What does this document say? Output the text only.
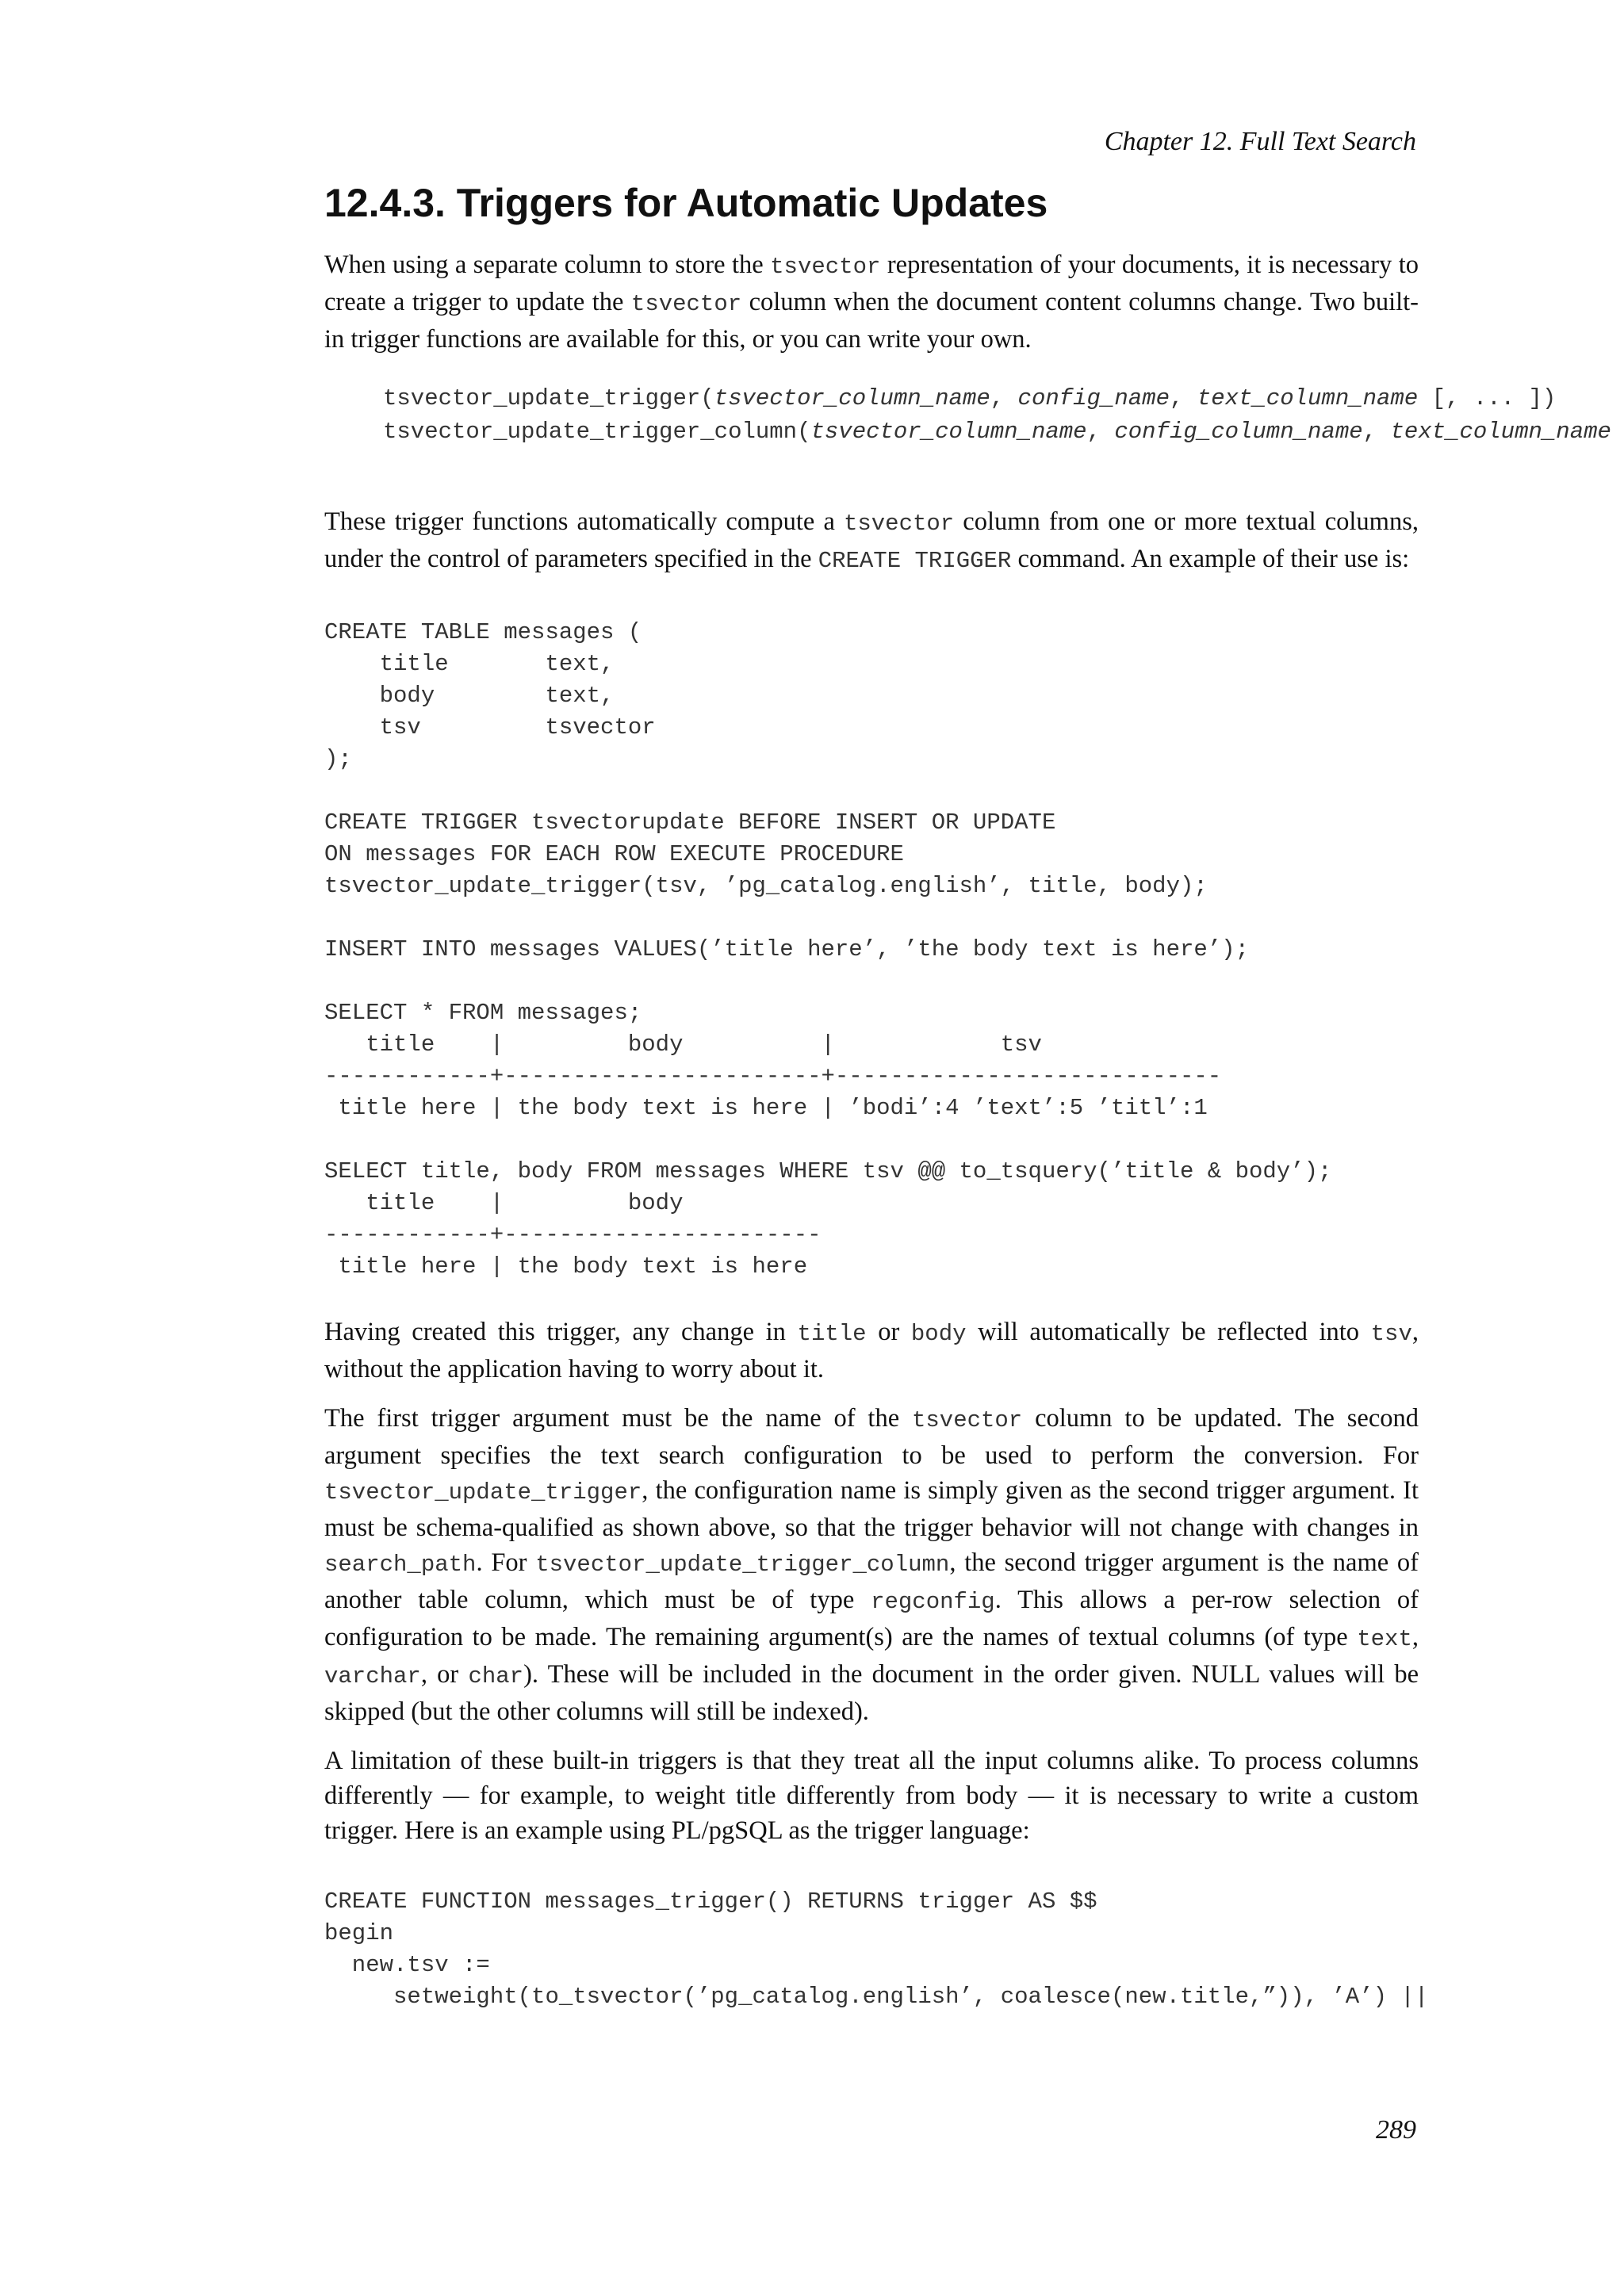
Chapter 12. Full Text Search
12.4.3. Triggers for Automatic Updates

When using a separate column to store the tsvector representation of your documents, it is necessary to create a trigger to update the tsvector column when the document content columns change. Two built-in trigger functions are available for this, or you can write your own.

tsvector_update_trigger(tsvector_column_name, config_name, text_column_name [, ... ])
tsvector_update_trigger_column(tsvector_column_name, config_column_name, text_column_name

These trigger functions automatically compute a tsvector column from one or more textual columns, under the control of parameters specified in the CREATE TRIGGER command. An example of their use is:

CREATE TABLE messages (
title       text,
body        text,
tsv         tsvector
);

CREATE TRIGGER tsvectorupdate BEFORE INSERT OR UPDATE
ON messages FOR EACH ROW EXECUTE PROCEDURE
tsvector_update_trigger(tsv, ’pg_catalog.english’, title, body);

INSERT INTO messages VALUES(’title here’, ’the body text is here’);

SELECT * FROM messages;
title    |         body          |            tsv
------------+-----------------------+----------------------------
title here | the body text is here | ’bodi’:4 ’text’:5 ’titl’:1

SELECT title, body FROM messages WHERE tsv @@ to_tsquery(’title & body’);
title    |         body
------------+-----------------------
title here | the body text is here

Having created this trigger, any change in title or body will automatically be reflected into tsv, without the application having to worry about it.

The first trigger argument must be the name of the tsvector column to be updated. The second argument specifies the text search configuration to be used to perform the conversion. For tsvector_update_trigger, the configuration name is simply given as the second trigger argument. It must be schema-qualified as shown above, so that the trigger behavior will not change with changes in search_path. For tsvector_update_trigger_column, the second trigger argument is the name of another table column, which must be of type regconfig. This allows a per-row selection of configuration to be made. The remaining argument(s) are the names of textual columns (of type text, varchar, or char). These will be included in the document in the order given. NULL values will be skipped (but the other columns will still be indexed).

A limitation of these built-in triggers is that they treat all the input columns alike. To process columns differently — for example, to weight title differently from body — it is necessary to write a custom trigger. Here is an example using PL/pgSQL as the trigger language:

CREATE FUNCTION messages_trigger() RETURNS trigger AS $$
begin
new.tsv :=
setweight(to_tsvector(’pg_catalog.english’, coalesce(new.title,”)), ’A’) ||
289
